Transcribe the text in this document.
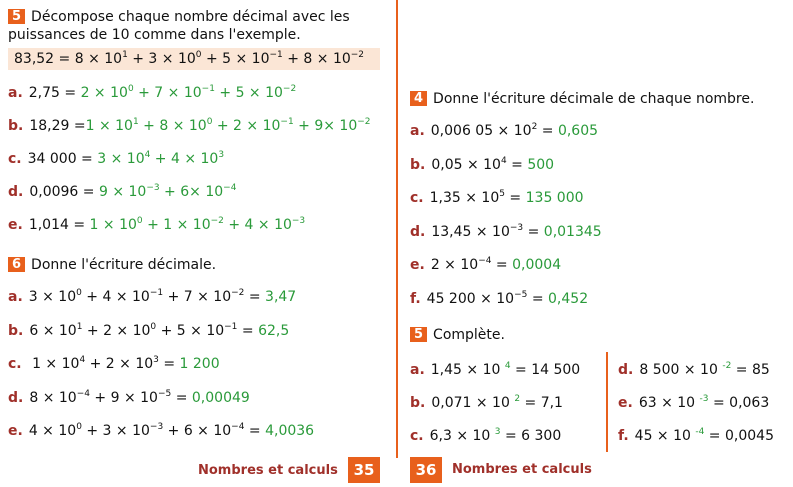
5 Décompose chaque nombre décimal avec les puissances de 10 comme dans l'exemple.
$83,52 = 8 \times 10^1 + 3 \times 10^0 + 5 \times 10^{-1} + 8 \times 10^{-2}$
6 Donne l'écriture décimale.
Nombres et calculs	35
4 Donne l'écriture décimale de chaque nombre.
5 Complète.
36	Nombres et calculs
a. $2,75 = 2 \times 10^0 + 7 \times 10^{-1} + 5 \times 10^{-2}$
b. $18,29 =1 \times 10^1 + 8 \times 10^0 + 2 \times 10^{-1} + 9\times 10^{-2}$
c. 34 $000 = 3 \times 10^4 + 4 \times 10^3$
d. $0,0096 = 9 \times 10^{-3} + 6\times 10^{-4}$
e. $1,014 = 1 \times 10^0 + 1 \times 10^{-2} + 4 \times 10^{-3}$
a. $3 \times 10^0 + 4 \times 10^{-1} + 7 \times 10^{-2} = 3,47$
b. $6 \times 10^1 + 2 \times 10^0 + 5 \times 10^{-1} = 62,5$
c. $1 \times 10^4 + 2 \times 10^3 = 1$ 200
d. $8 \times 10^{-4} + 9 \times 10^{-5} = 0,00049$
e. $4 \times 10^0 + 3 \times 10^{-3} + 6 \times 10^{-4} = 4,0036$
a. 0,006 $05 \times 10^2 = 0,605$
b. $0,05 \times 10^4 = 500$
c. $1,35 \times 10^5 = 135$ 000
d. $13,45 \times 10^{-3} = 0,01345$
e. $2 \times 10^{-4} = 0,0004$
f. 45 $200 \times 10^{-5} = 0,452$
a. 1,45 × 10 $^4$ = 14 500
b. 0,071 × 10 $^2$ = 7,1
c. 6,3 × 10 $^3$ = 6 300
d. 8 500 × 10 $^{-2}$ = 85
e. 63 × 10 $^{-3}$ = 0,063
f. 45 × 10 $^{-4}$ = 0,0045
